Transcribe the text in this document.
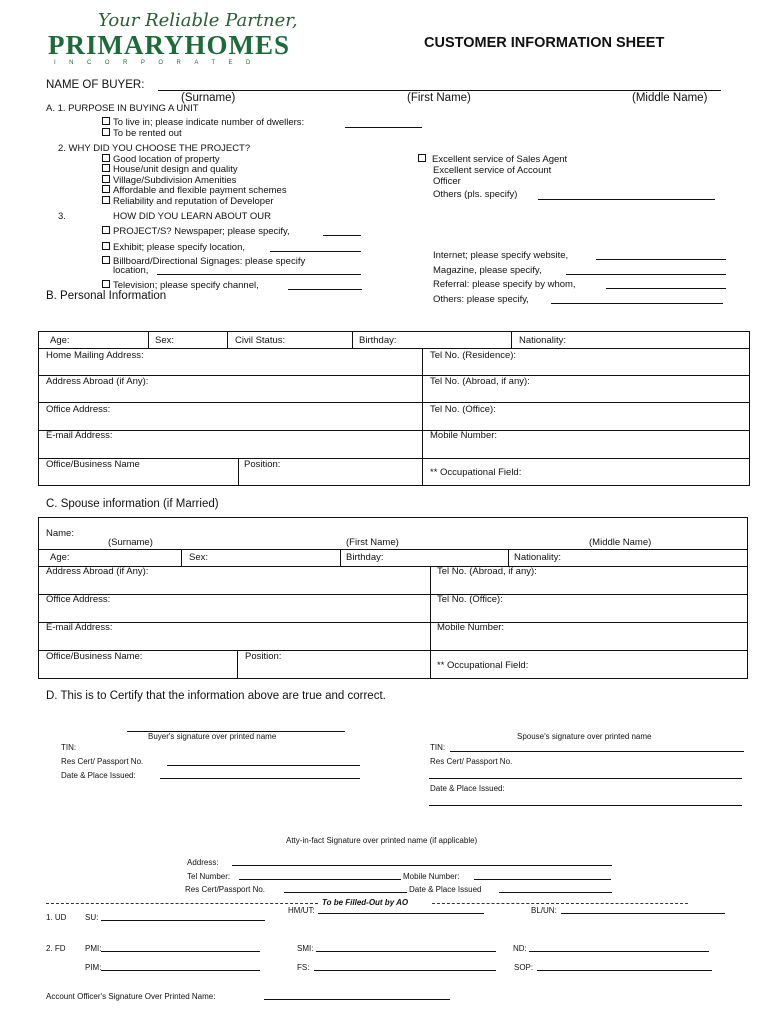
Your Reliable Partner,
PRIMARYHOMES
INCORPORATED
CUSTOMER INFORMATION SHEET
NAME OF BUYER:
(Surname)	(First Name)	(Middle Name)
A. 1. PURPOSE IN BUYING A UNIT
To live in; please indicate number of dwellers:
To be rented out
2. WHY DID YOU CHOOSE THE PROJECT?
Good location of property
House/unit design and quality
Village/Subdivision Amenities
Affordable and flexible payment schemes
Reliability and reputation of Developer
Excellent service of Sales Agent
Excellent service of Account
Officer
Others (pls. specify)
3.	HOW DID YOU LEARN ABOUT OUR
PROJECT/S? Newspaper; please specify,
Exhibit; please specify location,
Billboard/Directional Signages: please specify
location,
Television; please specify channel,
Internet; please specify website,
Magazine, please specify,
Referral: please specify by whom,
Others: please specify,
B. Personal Information
Age:	Sex:	Civil Status:	Birthday:	Nationality:
Home Mailing Address:	Tel No. (Residence):
Address Abroad (if Any):	Tel No. (Abroad, if any):
Office Address:	Tel No. (Office):
E-mail Address:	Mobile Number:
Office/Business Name	Position:
** Occupational Field:
C. Spouse information (if Married)
Name:
(Surname)	(First Name)	(Middle Name)
Age:	Sex:	Birthday:	Nationality:
Address Abroad (if Any):	Tel No. (Abroad, if any):
Office Address:	Tel No. (Office):
E-mail Address:	Mobile Number:
Office/Business Name:	Position:
** Occupational Field:
D. This is to Certify that the information above are true and correct.
Buyer's signature over printed name	Spouse's signature over printed name
TIN:
Res Cert/ Passport No.
Date & Place Issued:
TIN:
Res Cert/ Passport No.
Date & Place Issued:
Atty-in-fact Signature over printed name (if applicable)
Address:
Tel Number:	Mobile Number:
Res Cert/Passport No.	Date & Place Issued
To be Filled-Out by AO
1. UD SU:
HM/UT:	BL/UN:
2. FD PMI:	SMI:	ND:
PIM:	FS:	SOP:
Account Officer's Signature Over Printed Name:
